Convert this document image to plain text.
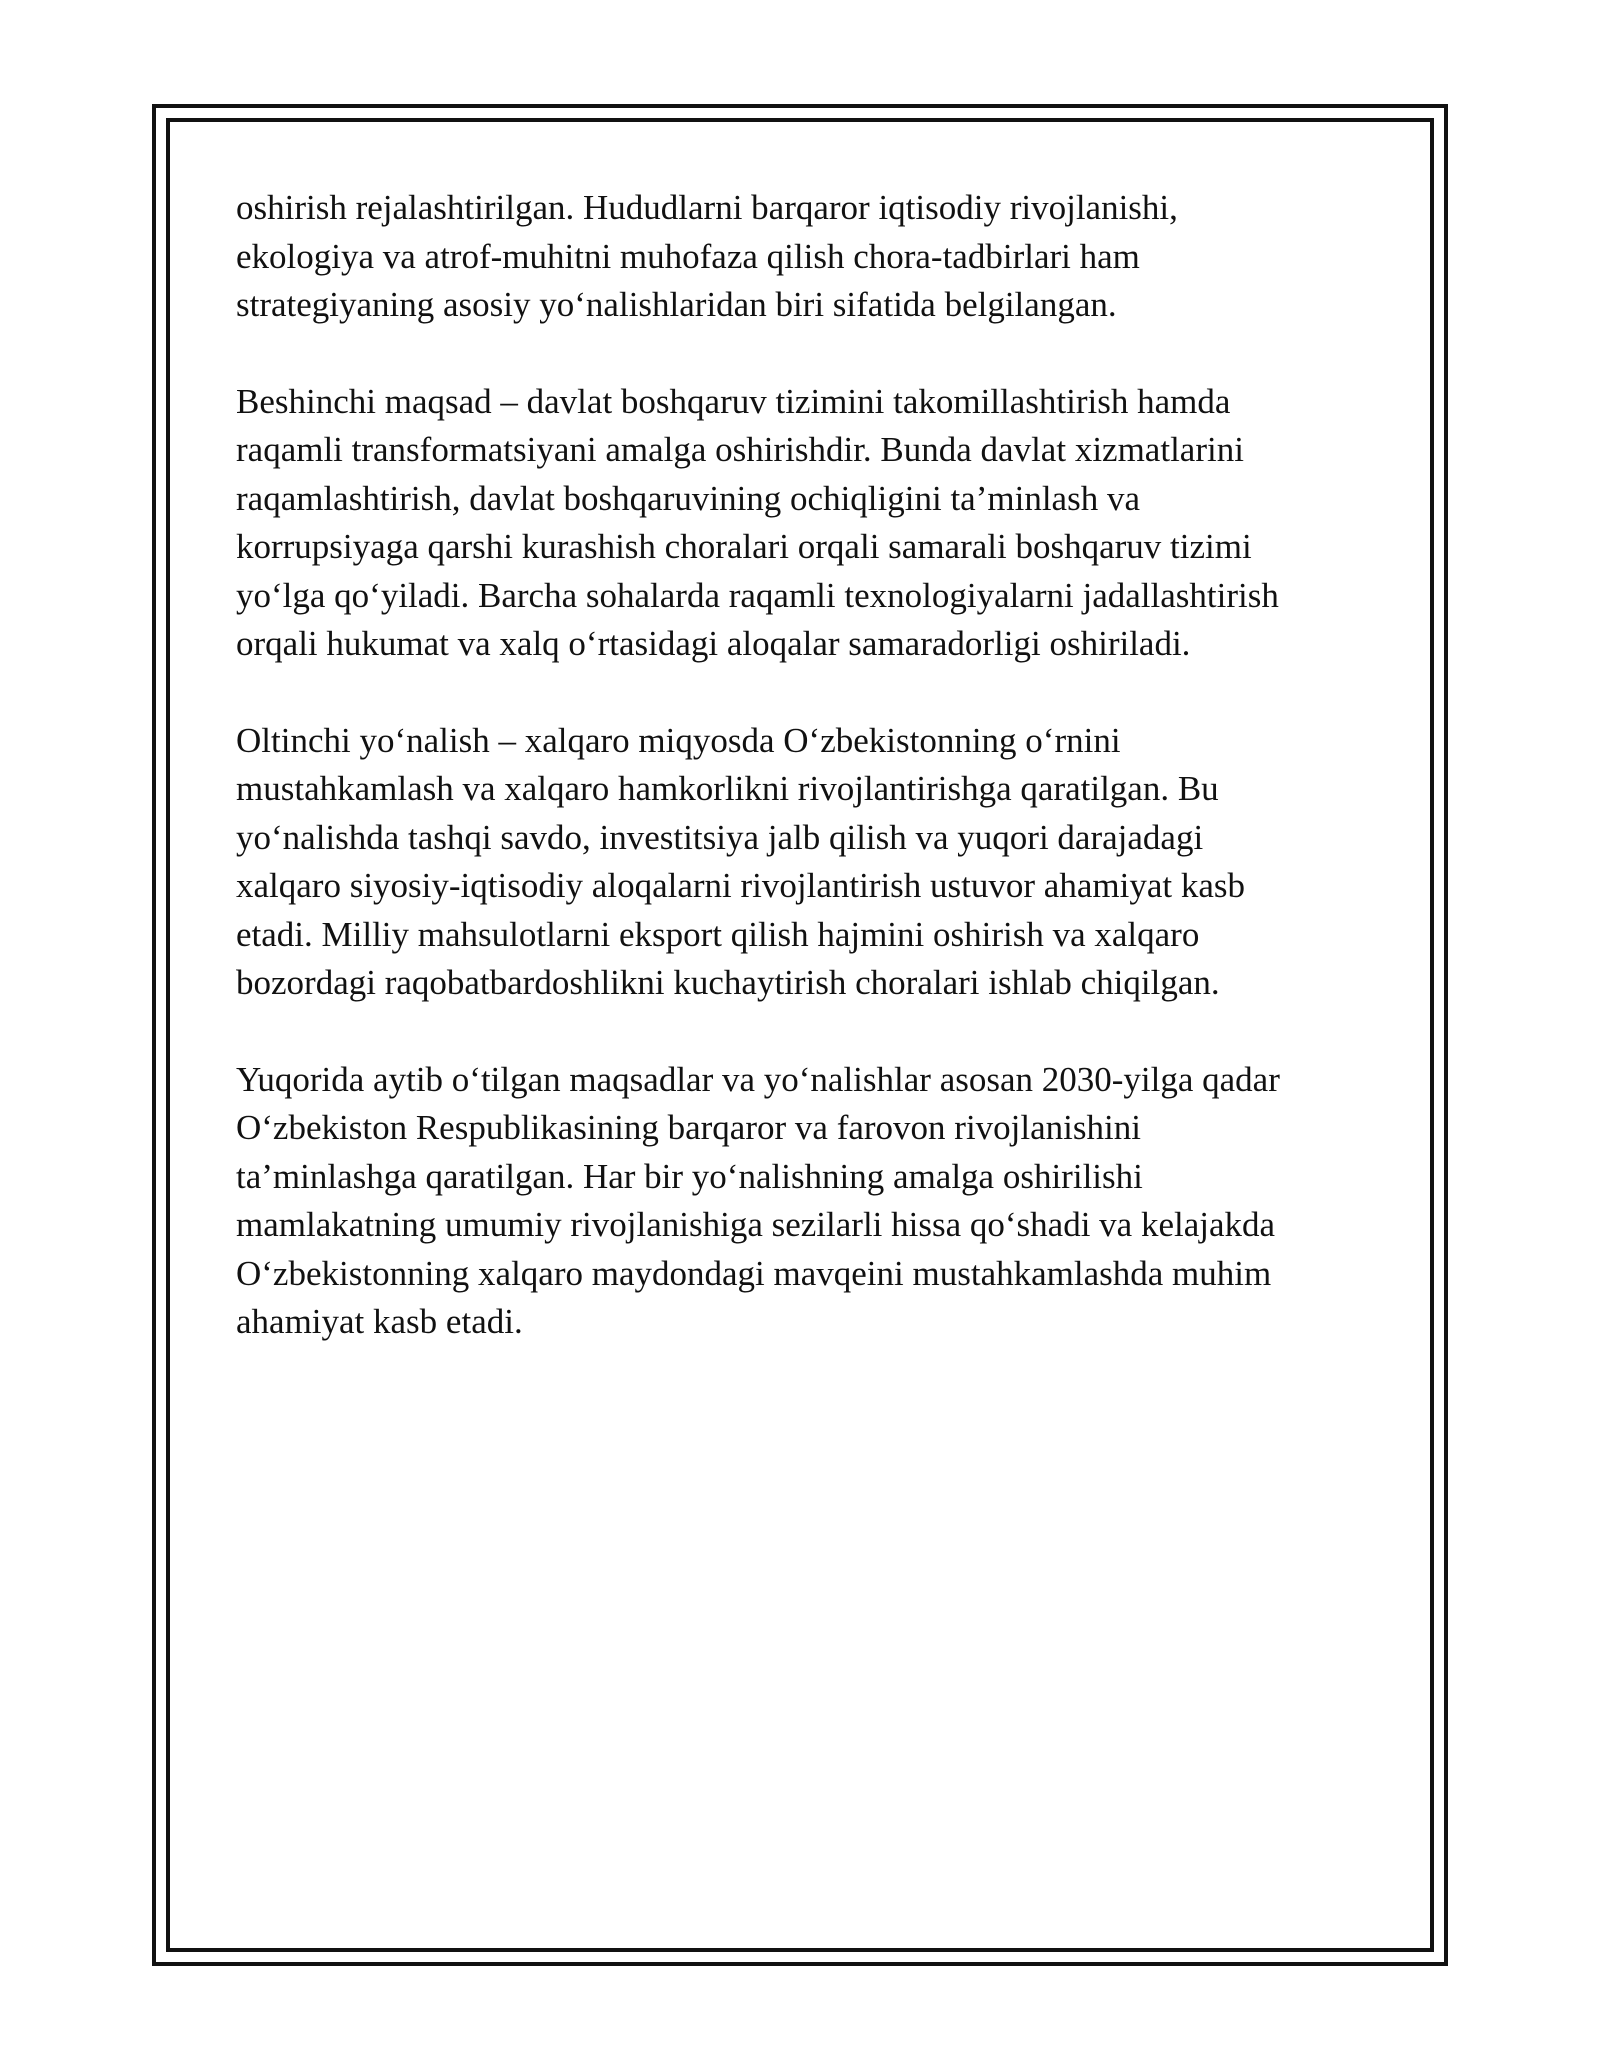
oshirish rejalashtirilgan. Hududlarni barqaror iqtisodiy rivojlanishi,
ekologiya va atrof-muhitni muhofaza qilish chora-tadbirlari ham
strategiyaning asosiy yo‘nalishlaridan biri sifatida belgilangan.

Beshinchi maqsad – davlat boshqaruv tizimini takomillashtirish hamda
raqamli transformatsiyani amalga oshirishdir. Bunda davlat xizmatlarini
raqamlashtirish, davlat boshqaruvining ochiqligini ta’minlash va
korrupsiyaga qarshi kurashish choralari orqali samarali boshqaruv tizimi
yo‘lga qo‘yiladi. Barcha sohalarda raqamli texnologiyalarni jadallashtirish
orqali hukumat va xalq o‘rtasidagi aloqalar samaradorligi oshiriladi.

Oltinchi yo‘nalish – xalqaro miqyosda O‘zbekistonning o‘rnini
mustahkamlash va xalqaro hamkorlikni rivojlantirishga qaratilgan. Bu
yo‘nalishda tashqi savdo, investitsiya jalb qilish va yuqori darajadagi
xalqaro siyosiy-iqtisodiy aloqalarni rivojlantirish ustuvor ahamiyat kasb
etadi. Milliy mahsulotlarni eksport qilish hajmini oshirish va xalqaro
bozordagi raqobatbardoshlikni kuchaytirish choralari ishlab chiqilgan.

Yuqorida aytib o‘tilgan maqsadlar va yo‘nalishlar asosan 2030-yilga qadar
O‘zbekiston Respublikasining barqaror va farovon rivojlanishini
ta’minlashga qaratilgan. Har bir yo‘nalishning amalga oshirilishi
mamlakatning umumiy rivojlanishiga sezilarli hissa qo‘shadi va kelajakda
O‘zbekistonning xalqaro maydondagi mavqeini mustahkamlashda muhim
ahamiyat kasb etadi.
